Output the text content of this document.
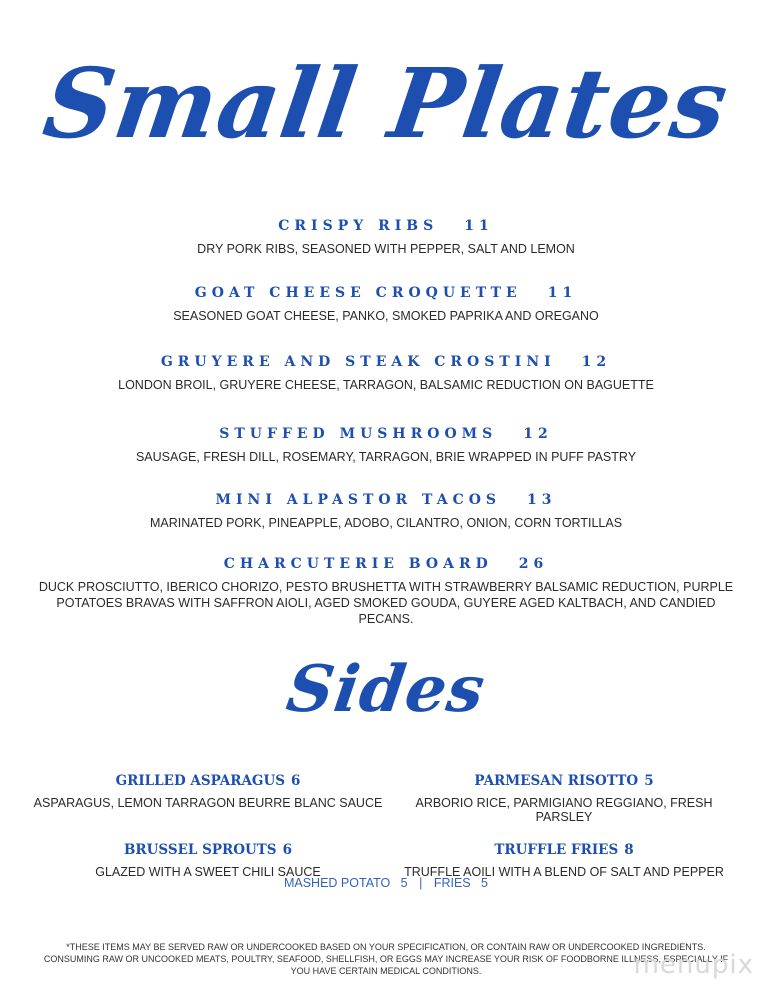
Small Plates

CRISPY RIBS 11

DRY PORK RIBS, SEASONED WITH PEPPER, SALT AND LEMON

GOAT CHEESE CROQUETTE 11

SEASONED GOAT CHEESE, PANKO, SMOKED PAPRIKA AND OREGANO

GRUYERE AND STEAK CROSTINI 12

LONDON BROIL, GRUYERE CHEESE, TARRAGON, BALSAMIC REDUCTION ON BAGUETTE

STUFFED MUSHROOMS 12

SAUSAGE, FRESH DILL, ROSEMARY, TARRAGON, BRIE WRAPPED IN PUFF PASTRY

MINI ALPASTOR TACOS 13

MARINATED PORK, PINEAPPLE, ADOBO, CILANTRO, ONION, CORN TORTILLAS

CHARCUTERIE BOARD 26

DUCK PROSCIUTTO, IBERICO CHORIZO, PESTO BRUSHETTA WITH STRAWBERRY BALSAMIC REDUCTION, PURPLE POTATOES BRAVAS WITH SAFFRON AIOLI, AGED SMOKED GOUDA, GUYERE AGED KALTBACH, AND CANDIED PECANS.

Sides

GRILLED ASPARAGUS 6

ASPARAGUS, LEMON TARRAGON BEURRE BLANC SAUCE

PARMESAN RISOTTO 5

ARBORIO RICE, PARMIGIANO REGGIANO, FRESH PARSLEY

BRUSSEL SPROUTS 6

GLAZED WITH A SWEET CHILI SAUCE

TRUFFLE FRIES 8

TRUFFLE AOILI WITH A BLEND OF SALT AND PEPPER

MASHED POTATO   5 | FRIES   5
*THESE ITEMS MAY BE SERVED RAW OR UNDERCOOKED BASED ON YOUR SPECIFICATION, OR CONTAIN RAW OR UNDERCOOKED INGREDIENTS. CONSUMING RAW OR UNCOOKED MEATS, POULTRY, SEAFOOD, SHELLFISH, OR EGGS MAY INCREASE YOUR RISK OF FOODBORNE ILLNESS, ESPECIALLY IF YOU HAVE CERTAIN MEDICAL CONDITIONS.	menupix
